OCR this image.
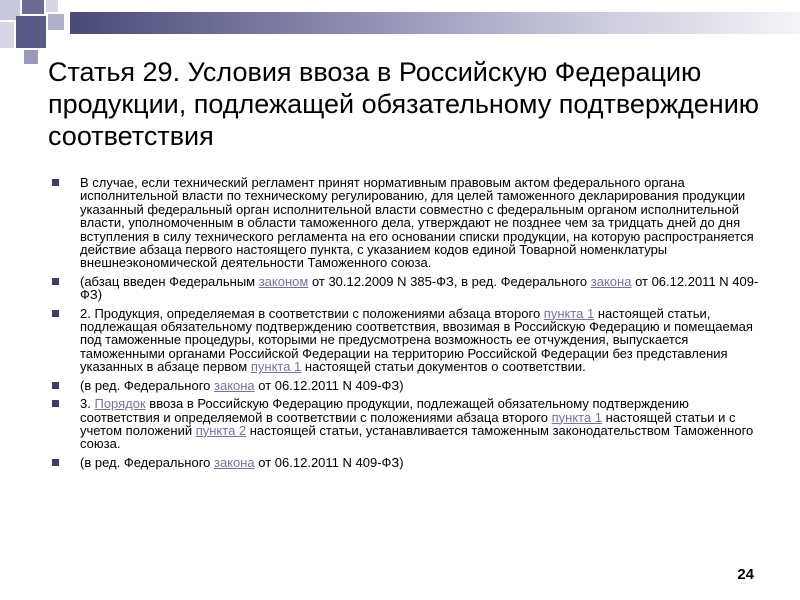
Статья 29. Условия ввоза в Российскую Федерацию продукции, подлежащей обязательному подтверждению соответствия
В случае, если технический регламент принят нормативным правовым актом федерального органа исполнительной власти по техническому регулированию, для целей таможенного декларирования продукции указанный федеральный орган исполнительной власти совместно с федеральным органом исполнительной власти, уполномоченным в области таможенного дела, утверждают не позднее чем за тридцать дней до дня вступления в силу технического регламента на его основании списки продукции, на которую распространяется действие абзаца первого настоящего пункта, с указанием кодов единой Товарной номенклатуры внешнеэкономической деятельности Таможенного союза.
(абзац введен Федеральным законом от 30.12.2009 N 385-ФЗ, в ред. Федерального закона от 06.12.2011 N 409-ФЗ)
2. Продукция, определяемая в соответствии с положениями абзаца второго пункта 1 настоящей статьи, подлежащая обязательному подтверждению соответствия, ввозимая в Российскую Федерацию и помещаемая под таможенные процедуры, которыми не предусмотрена возможность ее отчуждения, выпускается таможенными органами Российской Федерации на территорию Российской Федерации без представления указанных в абзаце первом пункта 1 настоящей статьи документов о соответствии.
(в ред. Федерального закона от 06.12.2011 N 409-ФЗ)
3. Порядок ввоза в Российскую Федерацию продукции, подлежащей обязательному подтверждению соответствия и определяемой в соответствии с положениями абзаца второго пункта 1 настоящей статьи и с учетом положений пункта 2 настоящей статьи, устанавливается таможенным законодательством Таможенного союза.
(в ред. Федерального закона от 06.12.2011 N 409-ФЗ)
24
